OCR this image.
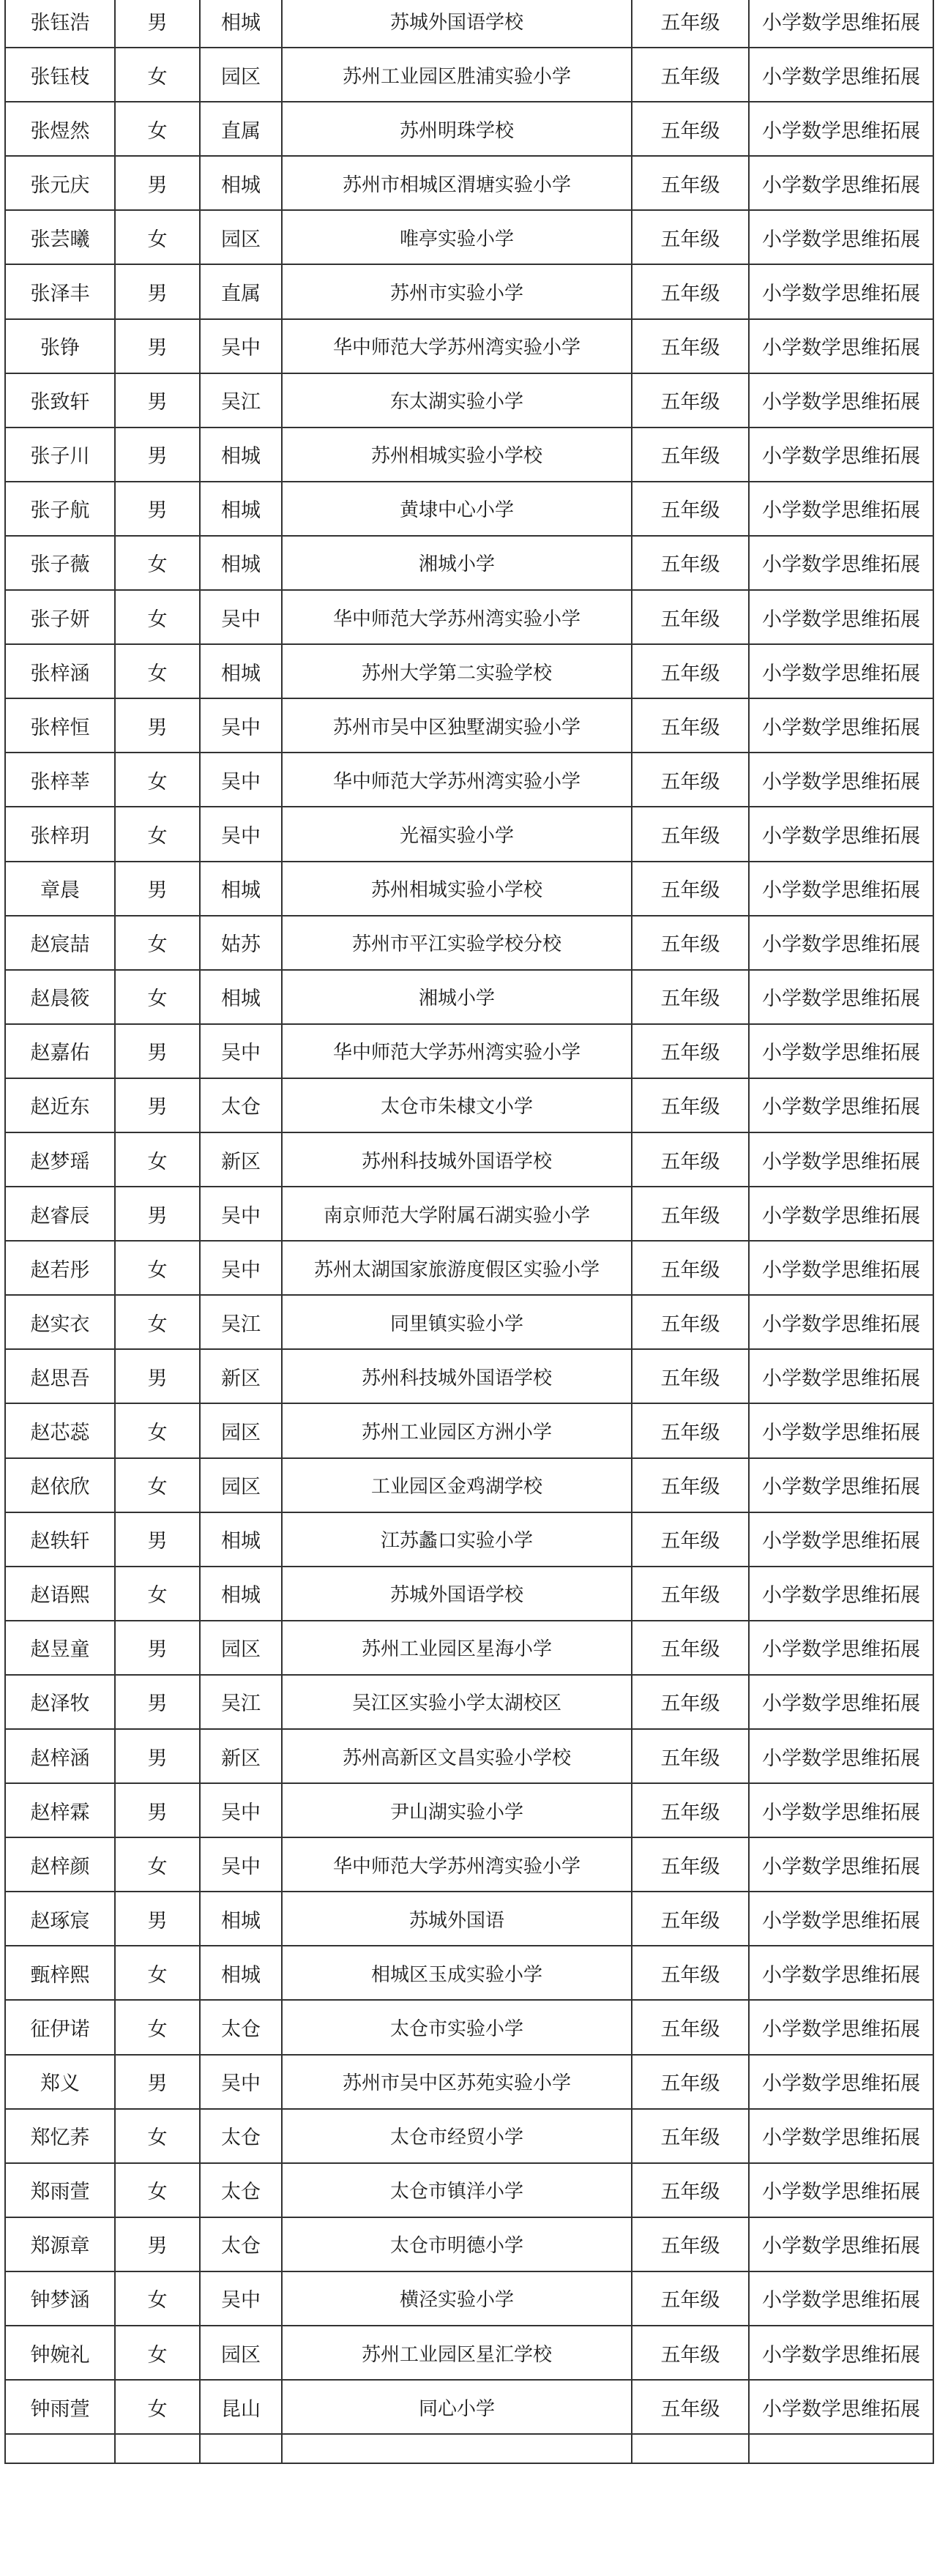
张钰浩	男	相城	苏城外国语学校	五年级	小学数学思维拓展
张钰枝	女	园区	苏州工业园区胜浦实验小学	五年级	小学数学思维拓展
张煜然	女	直属	苏州明珠学校	五年级	小学数学思维拓展
张元庆	男	相城	苏州市相城区渭塘实验小学	五年级	小学数学思维拓展
张芸曦	女	园区	唯亭实验小学	五年级	小学数学思维拓展
张泽丰	男	直属	苏州市实验小学	五年级	小学数学思维拓展
张铮	男	吴中	华中师范大学苏州湾实验小学	五年级	小学数学思维拓展
张致轩	男	吴江	东太湖实验小学	五年级	小学数学思维拓展
张子川	男	相城	苏州相城实验小学校	五年级	小学数学思维拓展
张子航	男	相城	黄埭中心小学	五年级	小学数学思维拓展
张子薇	女	相城	湘城小学	五年级	小学数学思维拓展
张子妍	女	吴中	华中师范大学苏州湾实验小学	五年级	小学数学思维拓展
张梓涵	女	相城	苏州大学第二实验学校	五年级	小学数学思维拓展
张梓恒	男	吴中	苏州市吴中区独墅湖实验小学	五年级	小学数学思维拓展
张梓莘	女	吴中	华中师范大学苏州湾实验小学	五年级	小学数学思维拓展
张梓玥	女	吴中	光福实验小学	五年级	小学数学思维拓展
章晨	男	相城	苏州相城实验小学校	五年级	小学数学思维拓展
赵宸喆	女	姑苏	苏州市平江实验学校分校	五年级	小学数学思维拓展
赵晨筱	女	相城	湘城小学	五年级	小学数学思维拓展
赵嘉佑	男	吴中	华中师范大学苏州湾实验小学	五年级	小学数学思维拓展
赵近东	男	太仓	太仓市朱棣文小学	五年级	小学数学思维拓展
赵梦瑶	女	新区	苏州科技城外国语学校	五年级	小学数学思维拓展
赵睿辰	男	吴中	南京师范大学附属石湖实验小学	五年级	小学数学思维拓展
赵若彤	女	吴中	苏州太湖国家旅游度假区实验小学	五年级	小学数学思维拓展
赵实衣	女	吴江	同里镇实验小学	五年级	小学数学思维拓展
赵思吾	男	新区	苏州科技城外国语学校	五年级	小学数学思维拓展
赵芯蕊	女	园区	苏州工业园区方洲小学	五年级	小学数学思维拓展
赵依欣	女	园区	工业园区金鸡湖学校	五年级	小学数学思维拓展
赵轶轩	男	相城	江苏蠡口实验小学	五年级	小学数学思维拓展
赵语熙	女	相城	苏城外国语学校	五年级	小学数学思维拓展
赵昱童	男	园区	苏州工业园区星海小学	五年级	小学数学思维拓展
赵泽牧	男	吴江	吴江区实验小学太湖校区	五年级	小学数学思维拓展
赵梓涵	男	新区	苏州高新区文昌实验小学校	五年级	小学数学思维拓展
赵梓霖	男	吴中	尹山湖实验小学	五年级	小学数学思维拓展
赵梓颜	女	吴中	华中师范大学苏州湾实验小学	五年级	小学数学思维拓展
赵琢宸	男	相城	苏城外国语	五年级	小学数学思维拓展
甄梓熙	女	相城	相城区玉成实验小学	五年级	小学数学思维拓展
征伊诺	女	太仓	太仓市实验小学	五年级	小学数学思维拓展
郑义	男	吴中	苏州市吴中区苏苑实验小学	五年级	小学数学思维拓展
郑忆荞	女	太仓	太仓市经贸小学	五年级	小学数学思维拓展
郑雨萱	女	太仓	太仓市镇洋小学	五年级	小学数学思维拓展
郑源章	男	太仓	太仓市明德小学	五年级	小学数学思维拓展
钟梦涵	女	吴中	横泾实验小学	五年级	小学数学思维拓展
钟婉礼	女	园区	苏州工业园区星汇学校	五年级	小学数学思维拓展
钟雨萱	女	昆山	同心小学	五年级	小学数学思维拓展
